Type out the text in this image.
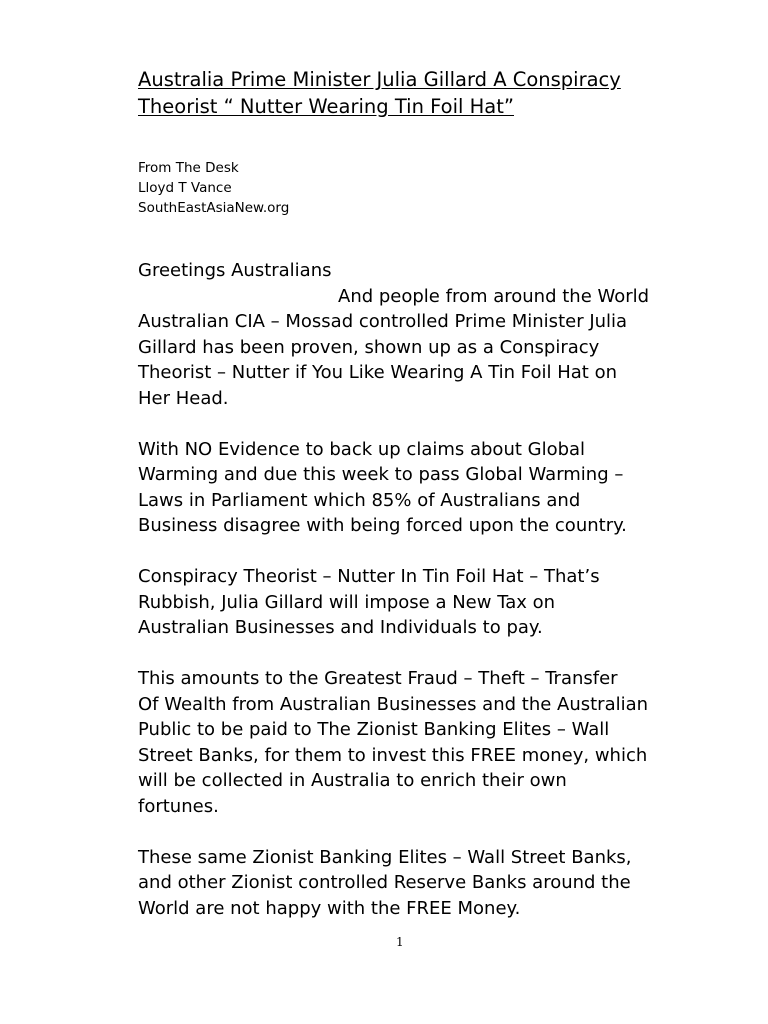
Australia Prime Minister Julia Gillard A Conspiracy
Theorist “ Nutter Wearing Tin Foil Hat”
From The Desk
Lloyd T Vance
SouthEastAsiaNew.org
Greetings Australians
And people from around the World
Australian CIA – Mossad controlled Prime Minister Julia
Gillard has been proven, shown up as a Conspiracy
Theorist – Nutter if You Like Wearing A Tin Foil Hat on
Her Head.
With NO Evidence to back up claims about Global
Warming and due this week to pass Global Warming –
Laws in Parliament which 85% of Australians and
Business disagree with being forced upon the country.
Conspiracy Theorist – Nutter In Tin Foil Hat – That’s
Rubbish, Julia Gillard will impose a New Tax on
Australian Businesses and Individuals to pay.
This amounts to the Greatest Fraud – Theft – Transfer
Of Wealth from Australian Businesses and the Australian
Public to be paid to The Zionist Banking Elites – Wall
Street Banks, for them to invest this FREE money, which
will be collected in Australia to enrich their own
fortunes.
These same Zionist Banking Elites – Wall Street Banks,
and other Zionist controlled Reserve Banks around the
World are not happy with the FREE Money.
1
